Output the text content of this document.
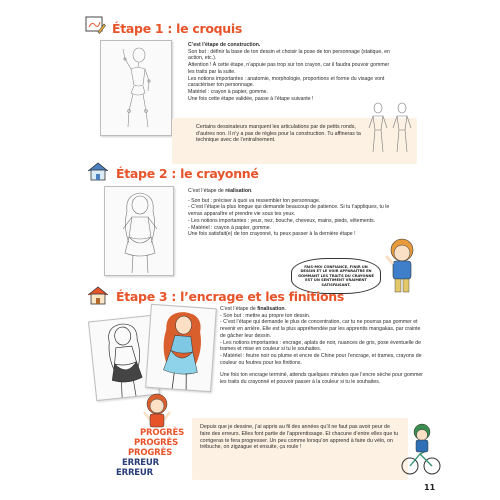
Étape 1 : le croquis

C’est l’étape de construction.

Son but : définir la base de ton dessin et choisir la pose de ton personnage (statique, en action, etc.).

Attention ! À cette étape, n’appuie pas trop sur ton crayon, car il faudra pouvoir gommer les traits par la suite.

Les notions importantes : anatomie, morphologie, proportions et forme du visage vont caractériser ton personnage.

Matériel : crayon à papier, gomme.

Une fois cette étape validée, passe à l’étape suivante !

Certains dessinateurs marquent les articulations par de petits ronds, d’autres non. Il n’y a pas de règles pour la construction. Tu affineras ta technique avec de l’entraînement.
Étape 2 : le crayonné

C’est l’étape de réalisation.

- Son but : préciser à quoi va ressembler ton personnage.

- C’est l’étape la plus longue qui demande beaucoup de patience. Si tu t’appliques, tu le verras apparaître et prendre vie sous tes yeux.

- Les notions importantes : yeux, nez, bouche, cheveux, mains, pieds, vêtements.

- Matériel : crayon à papier, gomme.

Une fois satisfait(e) de ton crayonné, tu peux passer à la dernière étape !

FAIS-MOI CONFIANCE, FINIR UN DESSIN ET LE VOIR APPARAÎTRE EN GOMMANT LES TRAITS DU CRAYONNÉ EST UN SENTIMENT VRAIMENT SATISFAISANT.
Étape 3 : l’encrage et les finitions

C’est l’étape de finalisation.

- Son but : mettre au propre ton dessin.

- C’est l’étape qui demande le plus de concentration, car tu ne pourras pas gommer et revenir en arrière. Elle est la plus appréhendée par les apprentis mangakas, par crainte de gâcher leur dessin.

- Les notions importantes : encrage, aplats de noir, nuances de gris, pose éventuelle de trames et mise en couleur si tu le souhaites.

- Matériel : feutre noir ou plume et encre de Chine pour l’encrage, et trames, crayons de couleur ou feutres pour les finitions.

Une fois ton encrage terminé, attends quelques minutes que l’encre sèche pour gommer les traits du crayonné et pouvoir passer à la couleur si tu le souhaites.

PROGRÈS
PROGRÈS
PROGRÈS
ERREUR
ERREUR
Depuis que je dessine, j’ai appris au fil des années qu’il ne faut pas avoir peur de faire des erreurs. Elles font partie de l’apprentissage. Et chacune d’entre elles que tu corrigeras te fera progresser. Un peu comme lorsqu’on apprend à faire du vélo, on trébuche, on zigzague et ensuite, ça roule !
11
